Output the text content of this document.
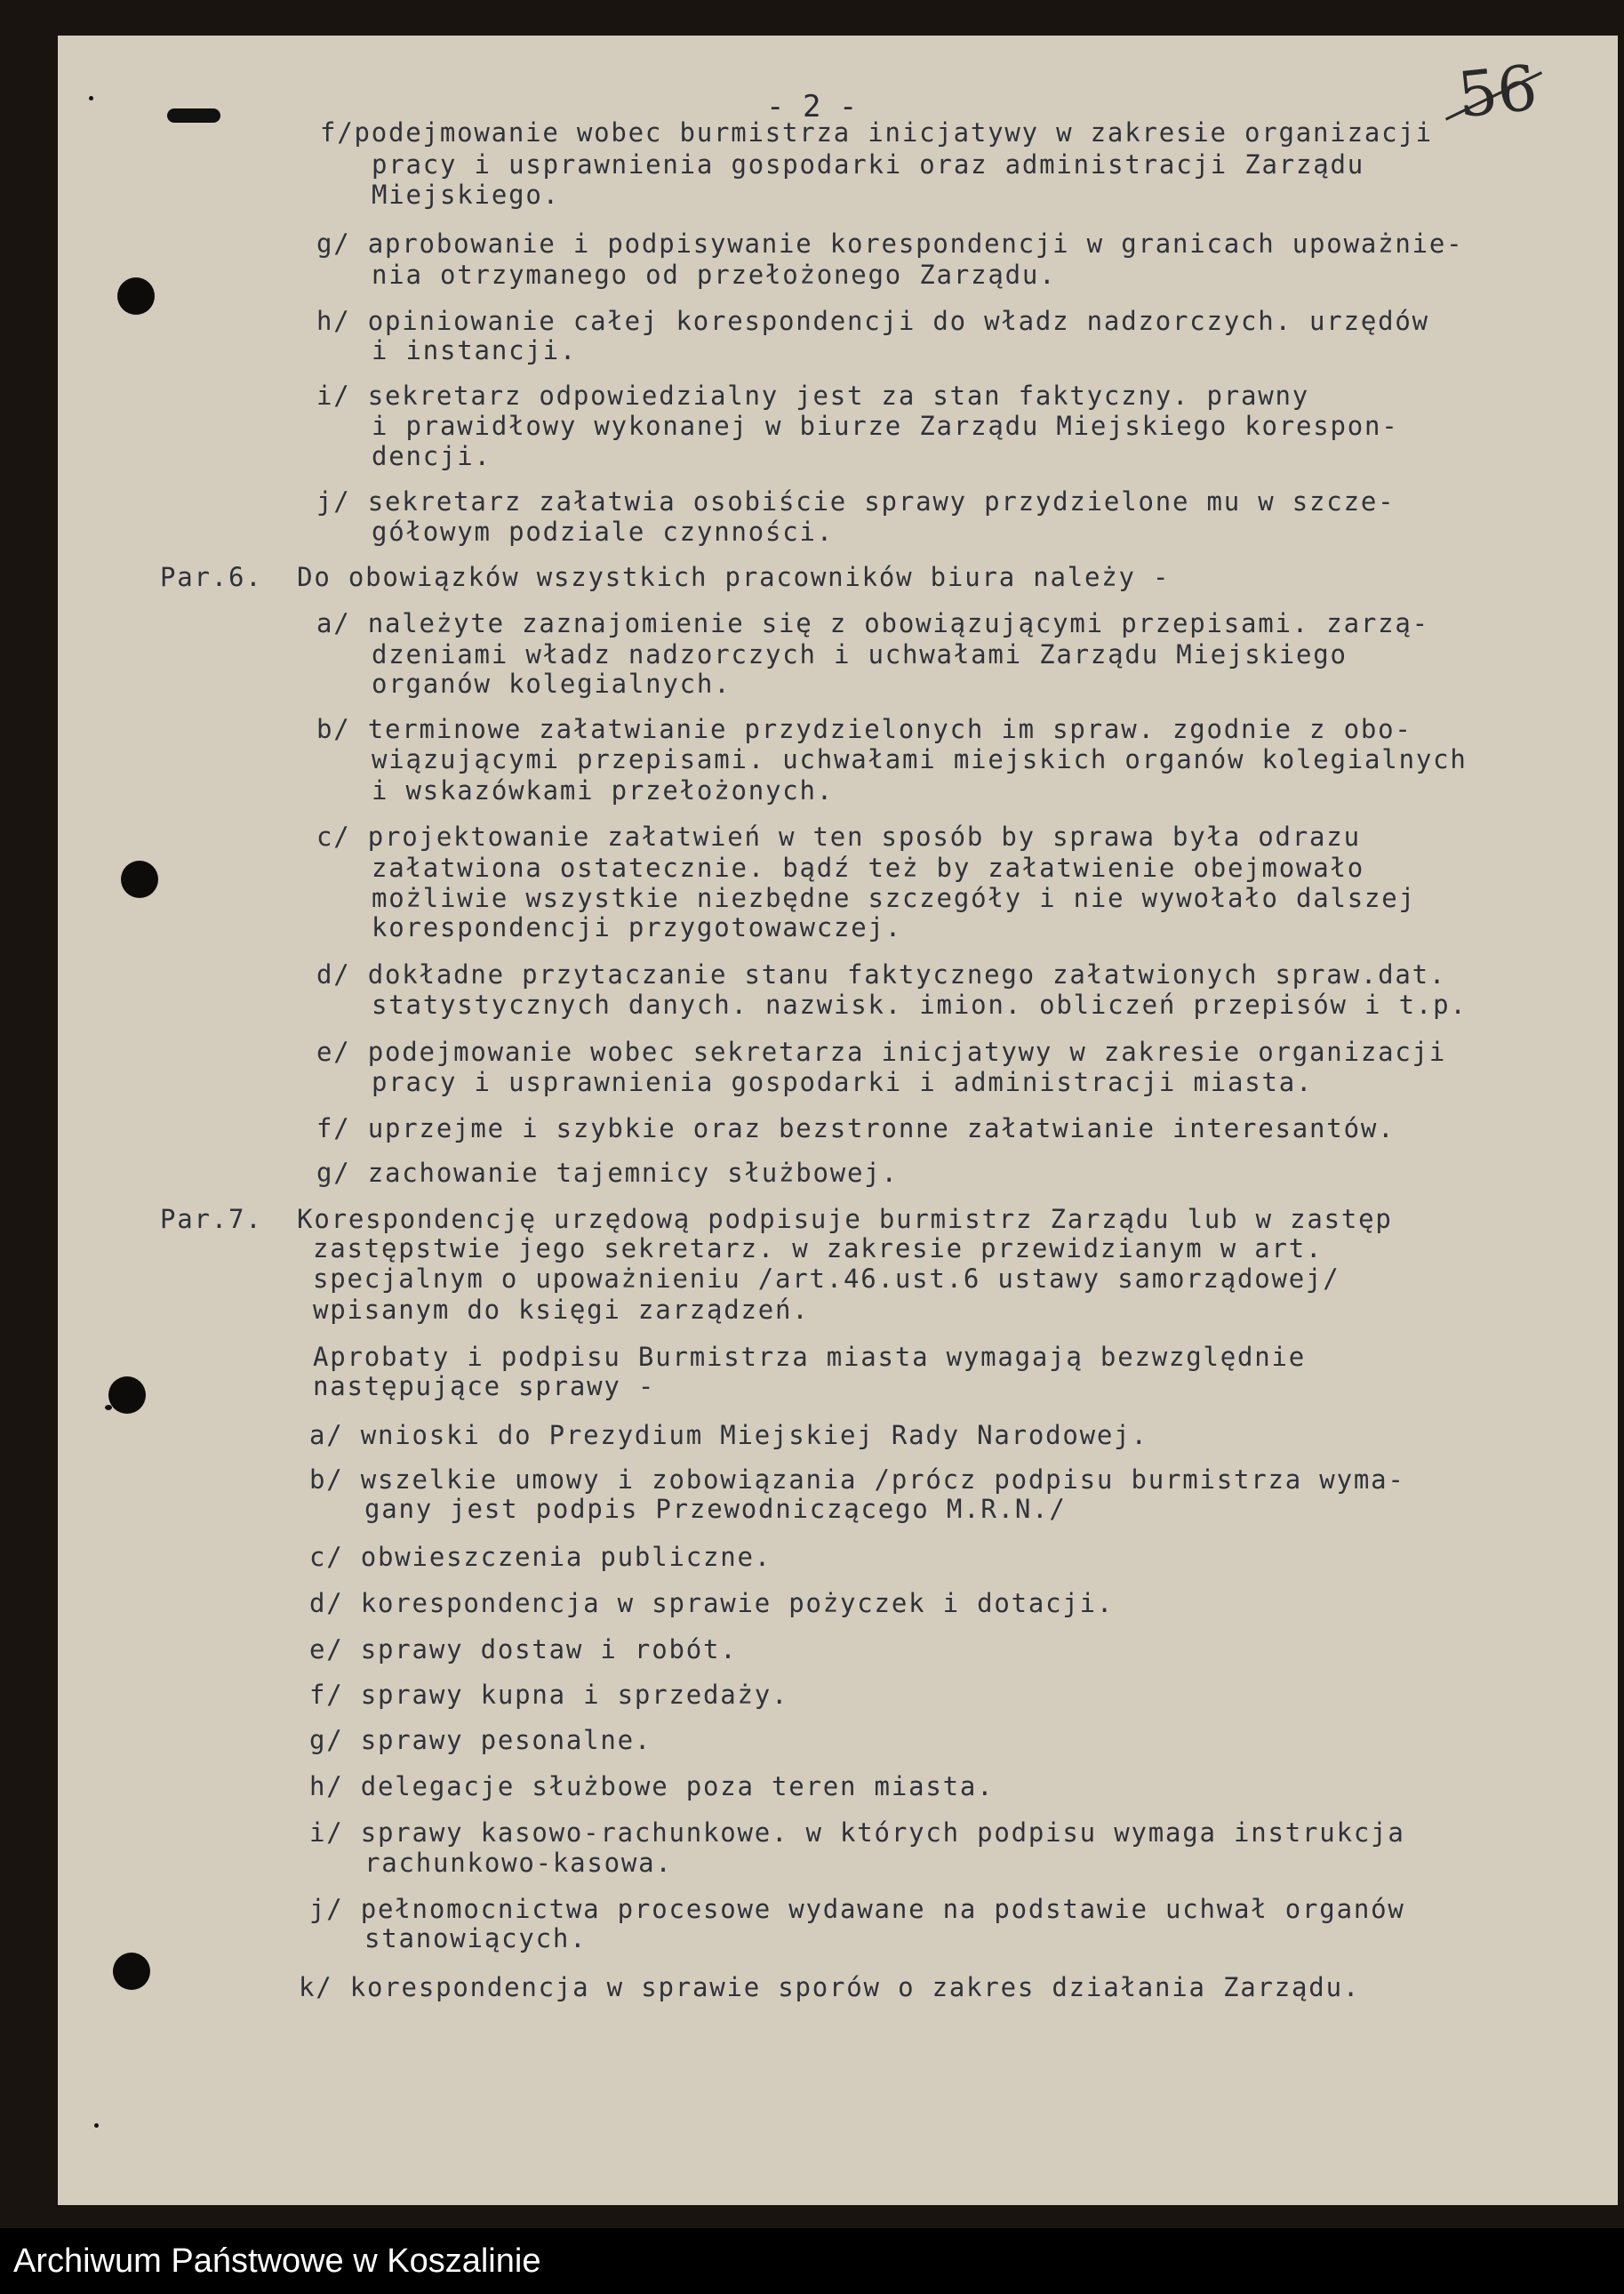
- 2 -
f/podejmowanie wobec burmistrza inicjatywy w zakresie organizacji
pracy i usprawnienia gospodarki oraz administracji Zarządu
Miejskiego.
g/ aprobowanie i podpisywanie korespondencji w granicach upoważnie-
nia otrzymanego od przełożonego Zarządu.
h/ opiniowanie całej korespondencji do władz nadzorczych. urzędów
i instancji.
i/ sekretarz odpowiedzialny jest za stan faktyczny. prawny
i prawidłowy wykonanej w biurze Zarządu Miejskiego korespon-
dencji.
j/ sekretarz załatwia osobiście sprawy przydzielone mu w szcze-
gółowym podziale czynności.
Par.6.  Do obowiązków wszystkich pracowników biura należy -
a/ należyte zaznajomienie się z obowiązującymi przepisami. zarzą-
dzeniami władz nadzorczych i uchwałami Zarządu Miejskiego
organów kolegialnych.
b/ terminowe załatwianie przydzielonych im spraw. zgodnie z obo-
wiązującymi przepisami. uchwałami miejskich organów kolegialnych
i wskazówkami przełożonych.
c/ projektowanie załatwień w ten sposób by sprawa była odrazu
załatwiona ostatecznie. bądź też by załatwienie obejmowało
możliwie wszystkie niezbędne szczegóły i nie wywołało dalszej
korespondencji przygotowawczej.
d/ dokładne przytaczanie stanu faktycznego załatwionych spraw.dat.
statystycznych danych. nazwisk. imion. obliczeń przepisów i t.p.
e/ podejmowanie wobec sekretarza inicjatywy w zakresie organizacji
pracy i usprawnienia gospodarki i administracji miasta.
f/ uprzejme i szybkie oraz bezstronne załatwianie interesantów.
g/ zachowanie tajemnicy służbowej.
Par.7.  Korespondencję urzędową podpisuje burmistrz Zarządu lub w zastęp
zastępstwie jego sekretarz. w zakresie przewidzianym w art.
specjalnym o upoważnieniu /art.46.ust.6 ustawy samorządowej/
wpisanym do księgi zarządzeń.
Aprobaty i podpisu Burmistrza miasta wymagają bezwzględnie
następujące sprawy -
a/ wnioski do Prezydium Miejskiej Rady Narodowej.
b/ wszelkie umowy i zobowiązania /prócz podpisu burmistrza wyma-
gany jest podpis Przewodniczącego M.R.N./
c/ obwieszczenia publiczne.
d/ korespondencja w sprawie pożyczek i dotacji.
e/ sprawy dostaw i robót.
f/ sprawy kupna i sprzedaży.
g/ sprawy pesonalne.
h/ delegacje służbowe poza teren miasta.
i/ sprawy kasowo-rachunkowe. w których podpisu wymaga instrukcja
rachunkowo-kasowa.
j/ pełnomocnictwa procesowe wydawane na podstawie uchwał organów
stanowiących.
k/ korespondencja w sprawie sporów o zakres działania Zarządu.
Archiwum Państwowe w Koszalinie
